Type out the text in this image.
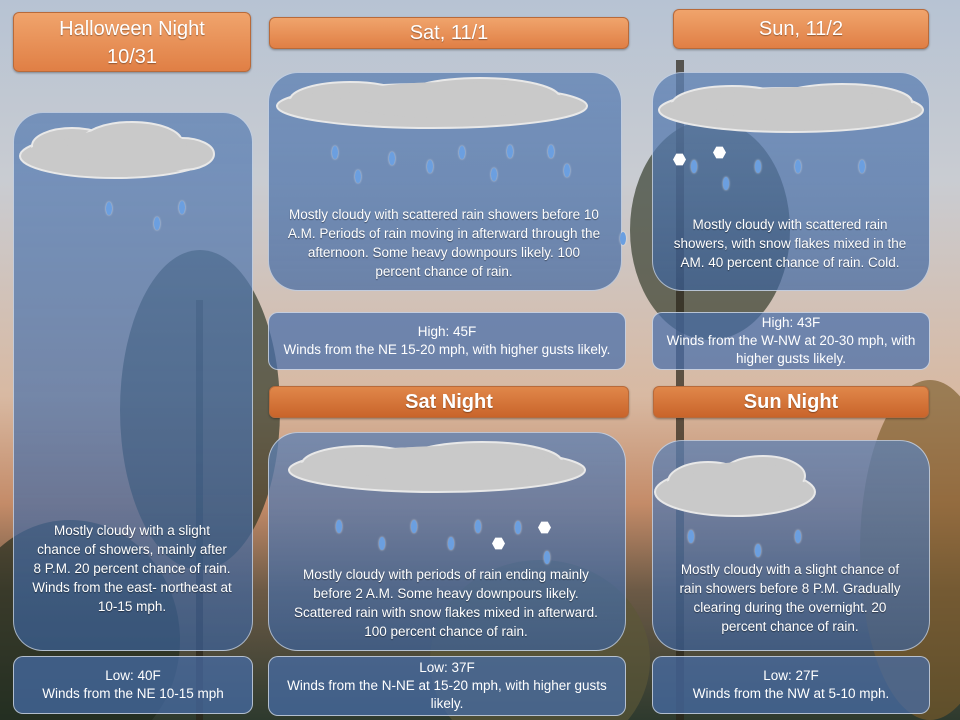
Halloween Night
10/31
Sat, 11/1	Sun, 11/2
Sat Night	Sun Night
Mostly cloudy with a slight chance of showers, mainly after 8 P.M. 20 percent chance of rain. Winds from the east- northeast at 10-15 mph.
Mostly cloudy with scattered rain showers before 10 A.M. Periods of rain moving in afterward through the afternoon. Some heavy downpours likely. 100 percent chance of rain.
Mostly cloudy with scattered rain showers, with snow flakes mixed in the AM. 40 percent chance of rain. Cold.
Mostly cloudy with periods of rain ending mainly before 2 A.M. Some heavy downpours likely. Scattered rain with snow flakes mixed in afterward. 100 percent chance of rain.
Mostly cloudy with a slight chance of rain showers before 8 P.M. Gradually clearing during the overnight. 20 percent chance of rain.
Low: 40F
Winds from the NE 10-15 mph
High: 45F
Winds from the NE 15-20 mph, with higher gusts likely.
High: 43F
Winds from the W-NW at 20-30 mph, with higher gusts likely.
Low: 37F
Winds from the N-NE at 15-20 mph, with higher gusts likely.
Low: 27F
Winds from the NW at 5-10 mph.
